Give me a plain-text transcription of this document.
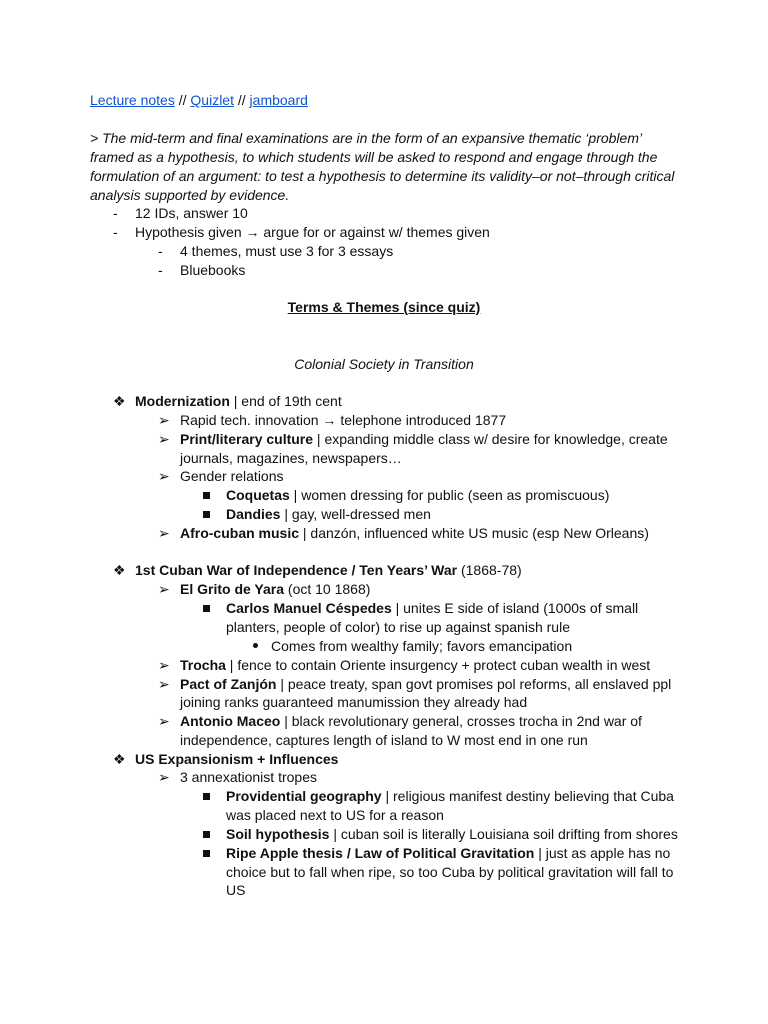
Lecture notes // Quizlet // jamboard
> The mid-term and final examinations are in the form of an expansive thematic ‘problem’
framed as a hypothesis, to which students will be asked to respond and engage through the
formulation of an argument: to test a hypothesis to determine its validity–or not–through critical
analysis supported by evidence.
- 12 IDs, answer 10
- Hypothesis given → argue for or against w/ themes given
- 4 themes, must use 3 for 3 essays
- Bluebooks
Terms & Themes (since quiz)
Colonial Society in Transition
❖ Modernization | end of 19th cent
➢ Rapid tech. innovation → telephone introduced 1877
➢ Print/literary culture | expanding middle class w/ desire for knowledge, create
journals, magazines, newspapers…
➢ Gender relations
Coquetas | women dressing for public (seen as promiscuous)
Dandies | gay, well-dressed men
➢ Afro-cuban music | danzón, influenced white US music (esp New Orleans)
❖ 1st Cuban War of Independence / Ten Years’ War (1868-78)
➢ El Grito de Yara (oct 10 1868)
Carlos Manuel Céspedes | unites E side of island (1000s of small
planters, people of color) to rise up against spanish rule
Comes from wealthy family; favors emancipation
➢ Trocha | fence to contain Oriente insurgency + protect cuban wealth in west
➢ Pact of Zanjón | peace treaty, span govt promises pol reforms, all enslaved ppl
joining ranks guaranteed manumission they already had
➢ Antonio Maceo | black revolutionary general, crosses trocha in 2nd war of
independence, captures length of island to W most end in one run
❖ US Expansionism + Influences
➢ 3 annexationist tropes
Providential geography | religious manifest destiny believing that Cuba
was placed next to US for a reason
Soil hypothesis | cuban soil is literally Louisiana soil drifting from shores
Ripe Apple thesis / Law of Political Gravitation | just as apple has no
choice but to fall when ripe, so too Cuba by political gravitation will fall to
US
